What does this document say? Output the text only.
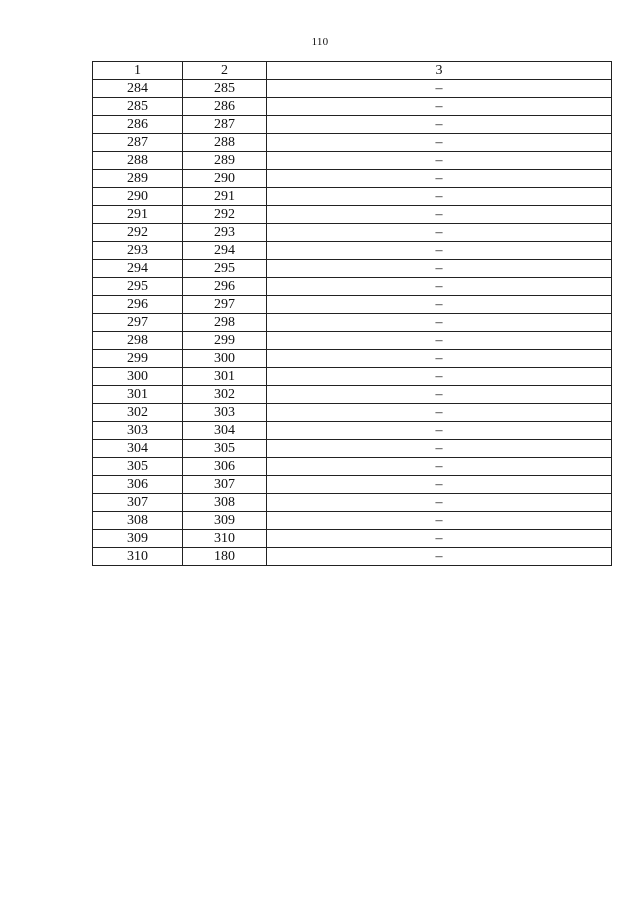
110
1	2	3
284	285	–
285	286	–
286	287	–
287	288	–
288	289	–
289	290	–
290	291	–
291	292	–
292	293	–
293	294	–
294	295	–
295	296	–
296	297	–
297	298	–
298	299	–
299	300	–
300	301	–
301	302	–
302	303	–
303	304	–
304	305	–
305	306	–
306	307	–
307	308	–
308	309	–
309	310	–
310	180	–
